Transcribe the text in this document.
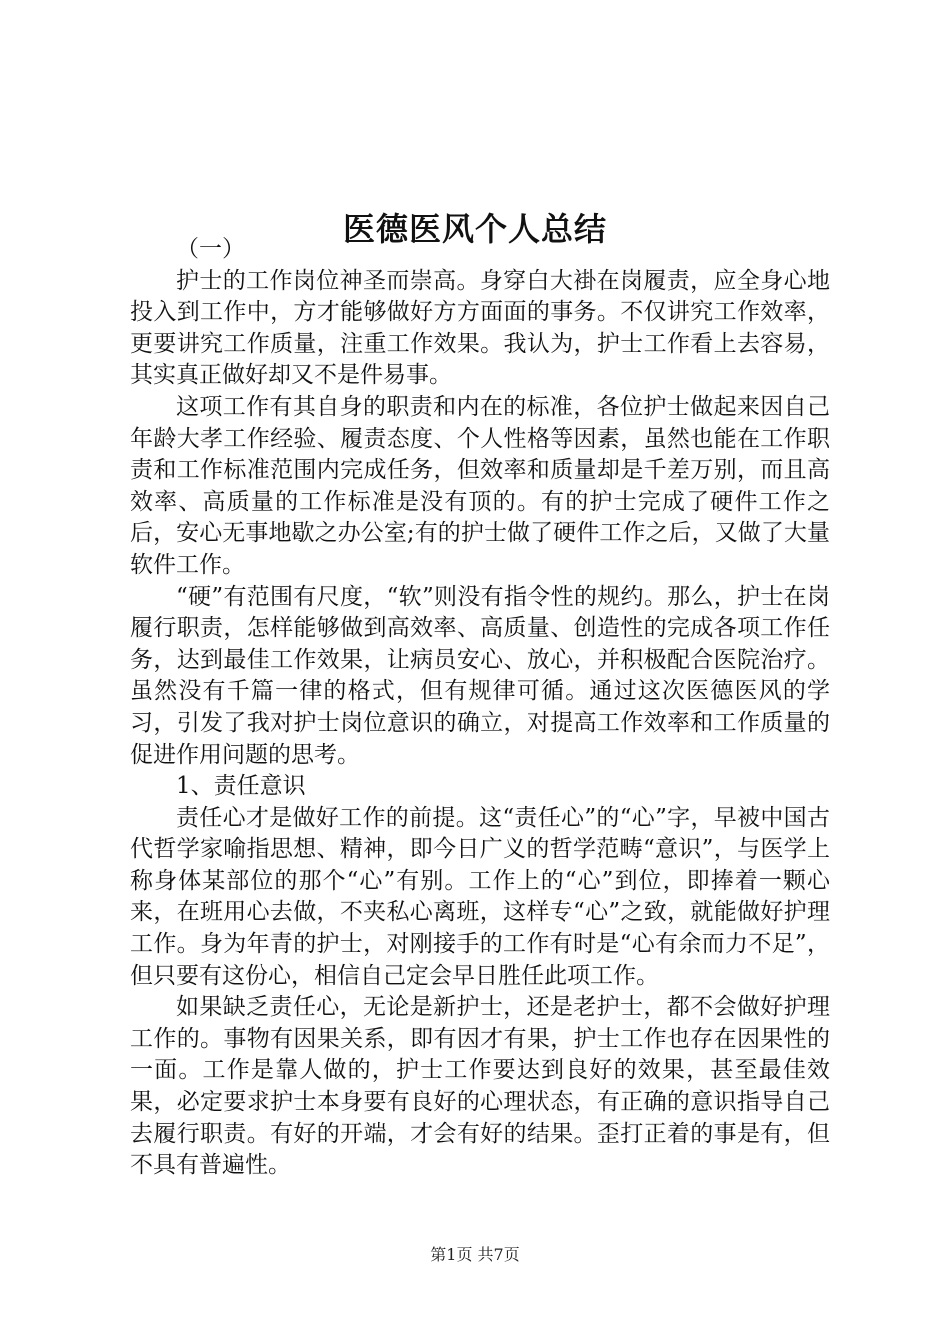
医德医风个人总结

（一）

护士的工作岗位神圣而崇高。身穿白大褂在岗履责，应全身心地投入到工作中，方才能够做好方方面面的事务。不仅讲究工作效率，更要讲究工作质量，注重工作效果。我认为，护士工作看上去容易，其实真正做好却又不是件易事。

这项工作有其自身的职责和内在的标准，各位护士做起来因自己年龄大孝工作经验、履责态度、个人性格等因素，虽然也能在工作职责和工作标准范围内完成任务，但效率和质量却是千差万别，而且高效率、高质量的工作标准是没有顶的。有的护士完成了硬件工作之后，安心无事地歇之办公室;有的护士做了硬件工作之后，又做了大量软件工作。

“硬”有范围有尺度，“软”则没有指令性的规约。那么，护士在岗履行职责，怎样能够做到高效率、高质量、创造性的完成各项工作任务，达到最佳工作效果，让病员安心、放心，并积极配合医院治疗。虽然没有千篇一律的格式，但有规律可循。通过这次医德医风的学习，引发了我对护士岗位意识的确立，对提高工作效率和工作质量的促进作用问题的思考。

1、责任意识

责任心才是做好工作的前提。这“责任心”的“心”字，早被中国古代哲学家喻指思想、精神，即今日广义的哲学范畴“意识”，与医学上称身体某部位的那个“心”有别。工作上的“心”到位，即捧着一颗心来，在班用心去做，不夹私心离班，这样专“心”之致，就能做好护理工作。身为年青的护士，对刚接手的工作有时是“心有余而力不足”，但只要有这份心，相信自己定会早日胜任此项工作。

如果缺乏责任心，无论是新护士，还是老护士，都不会做好护理工作的。事物有因果关系，即有因才有果，护士工作也存在因果性的一面。工作是靠人做的，护士工作要达到良好的效果，甚至最佳效果，必定要求护士本身要有良好的心理状态，有正确的意识指导自己去履行职责。有好的开端，才会有好的结果。歪打正着的事是有，但不具有普遍性。

第1页 共7页
